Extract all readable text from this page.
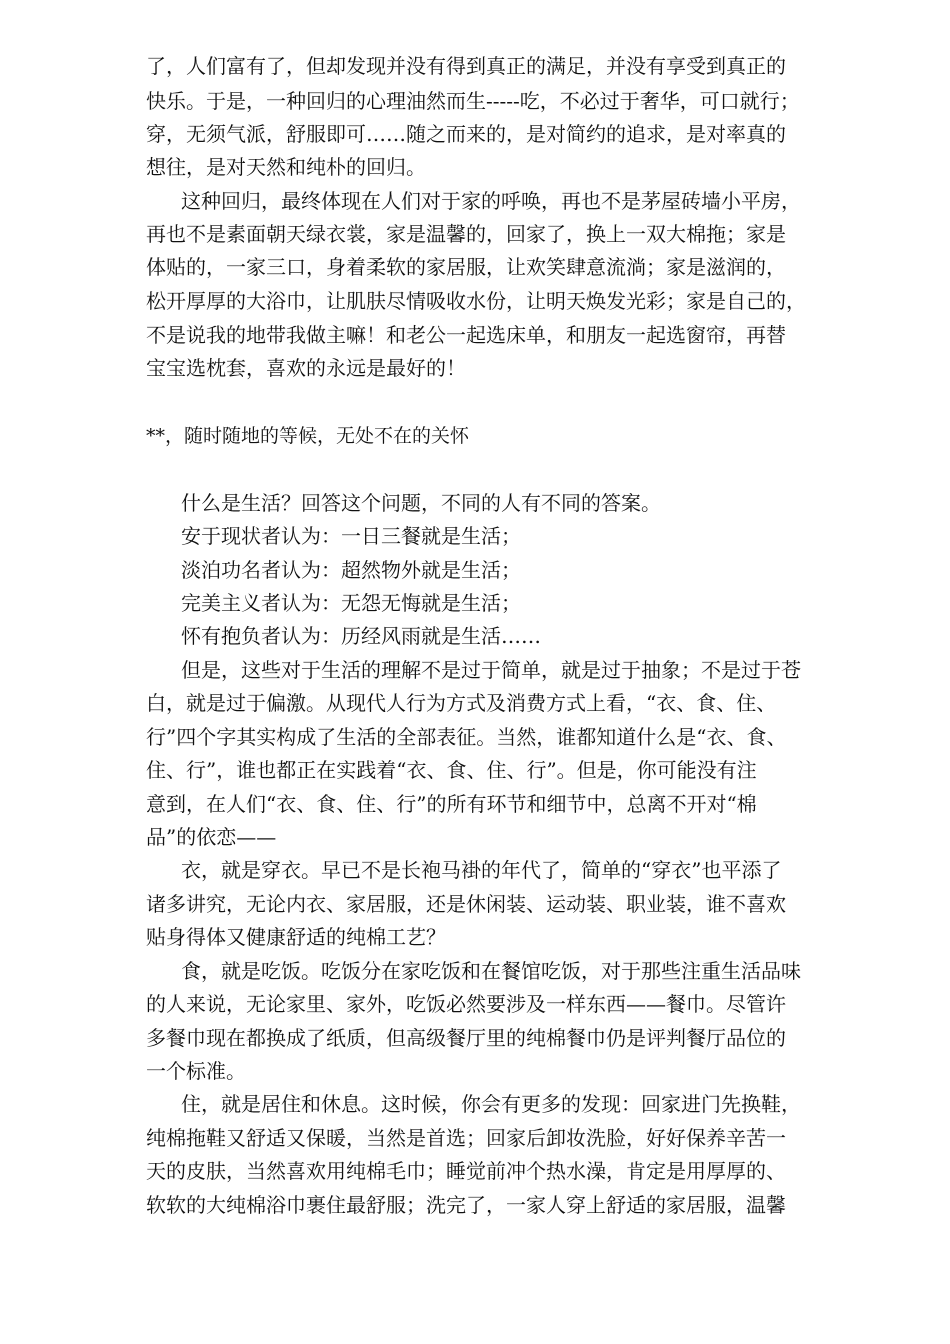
了，人们富有了，但却发现并没有得到真正的满足，并没有享受到真正的
快乐。于是，一种回归的心理油然而生-----吃，不必过于奢华，可口就行；
穿，无须气派，舒服即可……随之而来的，是对简约的追求，是对率真的
想往，是对天然和纯朴的回归。
这种回归，最终体现在人们对于家的呼唤，再也不是茅屋砖墙小平房，
再也不是素面朝天绿衣裳，家是温馨的，回家了，换上一双大棉拖；家是
体贴的，一家三口，身着柔软的家居服，让欢笑肆意流淌；家是滋润的，
松开厚厚的大浴巾，让肌肤尽情吸收水份，让明天焕发光彩；家是自己的，
不是说我的地带我做主嘛！和老公一起选床单，和朋友一起选窗帘，再替
宝宝选枕套，喜欢的永远是最好的！
**，随时随地的等候，无处不在的关怀
什么是生活？回答这个问题，不同的人有不同的答案。
安于现状者认为：一日三餐就是生活；
淡泊功名者认为：超然物外就是生活；
完美主义者认为：无怨无悔就是生活；
怀有抱负者认为：历经风雨就是生活……
但是，这些对于生活的理解不是过于简单，就是过于抽象；不是过于苍
白，就是过于偏激。从现代人行为方式及消费方式上看，“衣、食、住、
行”四个字其实构成了生活的全部表征。当然，谁都知道什么是“衣、食、
住、行”，谁也都正在实践着“衣、食、住、行”。但是，你可能没有注
意到，在人们“衣、食、住、行”的所有环节和细节中，总离不开对“棉
品”的依恋——
衣，就是穿衣。早已不是长袍马褂的年代了，简单的“穿衣”也平添了
诸多讲究，无论内衣、家居服，还是休闲装、运动装、职业装，谁不喜欢
贴身得体又健康舒适的纯棉工艺？
食，就是吃饭。吃饭分在家吃饭和在餐馆吃饭，对于那些注重生活品味
的人来说，无论家里、家外，吃饭必然要涉及一样东西——餐巾。尽管许
多餐巾现在都换成了纸质，但高级餐厅里的纯棉餐巾仍是评判餐厅品位的
一个标准。
住，就是居住和休息。这时候，你会有更多的发现：回家进门先换鞋，
纯棉拖鞋又舒适又保暖，当然是首选；回家后卸妆洗脸，好好保养辛苦一
天的皮肤，当然喜欢用纯棉毛巾；睡觉前冲个热水澡，肯定是用厚厚的、
软软的大纯棉浴巾裹住最舒服；洗完了，一家人穿上舒适的家居服，温馨
